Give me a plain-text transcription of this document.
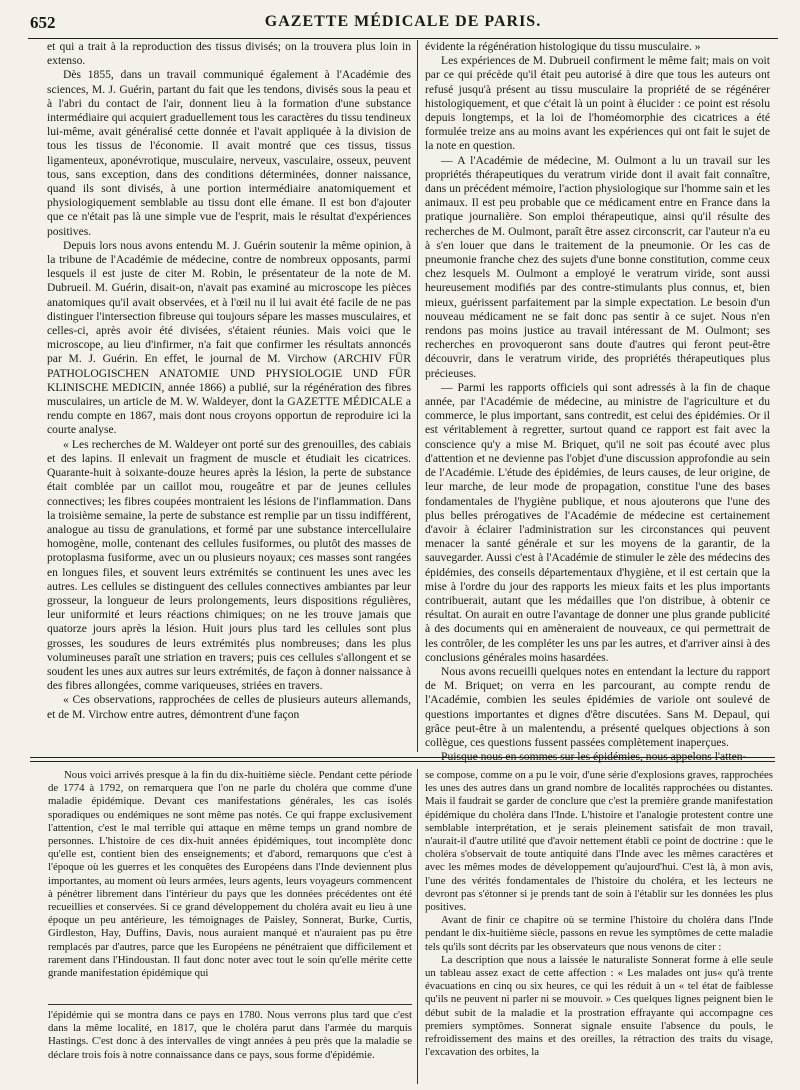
652	GAZETTE MÉDICALE DE PARIS.

et qui a trait à la reproduction des tissus divisés; on la trouvera plus loin in extenso.

Dès 1855, dans un travail communiqué également à l'Académie des sciences, M. J. Guérin, partant du fait que les tendons, divisés sous la peau et à l'abri du contact de l'air, donnent lieu à la formation d'une substance intermédiaire qui acquiert graduellement tous les caractères du tissu tendineux lui-même, avait généralisé cette donnée et l'avait appliquée à la division de tous les tissus de l'économie. Il avait montré que ces tissus, tissus ligamenteux, aponévrotique, musculaire, nerveux, vasculaire, osseux, peuvent tous, sans exception, dans des conditions déterminées, donner naissance, quand ils sont divisés, à une portion intermédiaire anatomiquement et physiologiquement semblable au tissu dont elle émane. Il est bon d'ajouter que ce n'était pas là une simple vue de l'esprit, mais le résultat d'expériences positives.

Depuis lors nous avons entendu M. J. Guérin soutenir la même opinion, à la tribune de l'Académie de médecine, contre de nombreux opposants, parmi lesquels il est juste de citer M. Robin, le présentateur de la note de M. Dubrueil. M. Guérin, disait-on, n'avait pas examiné au microscope les pièces anatomiques qu'il avait observées, et à l'œil nu il lui avait été facile de ne pas distinguer l'intersection fibreuse qui toujours sépare les masses musculaires, et celles-ci, après avoir été divisées, s'étaient réunies. Mais voici que le microscope, au lieu d'infirmer, n'a fait que confirmer les résultats annoncés par M. J. Guérin. En effet, le journal de M. Virchow (ARCHIV FÜR PATHOLOGISCHEN ANATOMIE UND PHYSIOLOGIE UND FÜR KLINISCHE MEDICIN, année 1866) a publié, sur la régénération des fibres musculaires, un article de M. W. Waldeyer, dont la GAZETTE MÉDICALE a rendu compte en 1867, mais dont nous croyons opportun de reproduire ici la courte analyse.

« Les recherches de M. Waldeyer ont porté sur des grenouilles, des cabiais et des lapins. Il enlevait un fragment de muscle et étudiait les cicatrices. Quarante-huit à soixante-douze heures après la lésion, la perte de substance était comblée par un caillot mou, rougeâtre et par de jeunes cellules connectives; les fibres coupées montraient les lésions de l'inflammation. Dans la troisième semaine, la perte de substance est remplie par un tissu indifférent, analogue au tissu de granulations, et formé par une substance intercellulaire homogène, molle, contenant des cellules fusiformes, ou plutôt des masses de protoplasma fusiforme, avec un ou plusieurs noyaux; ces masses sont rangées en longues files, et souvent leurs extrémités se continuent les unes avec les autres. Les cellules se distinguent des cellules connectives ambiantes par leur grosseur, la longueur de leurs prolongements, leurs dispositions régulières, leur uniformité et leurs réactions chimiques; on ne les trouve jamais que quatorze jours après la lésion. Huit jours plus tard les cellules sont plus grosses, les soudures de leurs extrémités plus nombreuses; dans les plus volumineuses paraît une striation en travers; puis ces cellules s'allongent et se soudent les unes aux autres sur leurs extrémités, de façon à donner naissance à des fibres allongées, comme variqueuses, striées en travers.

« Ces observations, rapprochées de celles de plusieurs auteurs allemands, et de M. Virchow entre autres, démontrent d'une façon

évidente la régénération histologique du tissu musculaire. »

Les expériences de M. Dubrueil confirment le même fait; mais on voit par ce qui précède qu'il était peu autorisé à dire que tous les auteurs ont refusé jusqu'à présent au tissu musculaire la propriété de se régénérer histologiquement, et que c'était là un point à élucider : ce point est résolu depuis longtemps, et la loi de l'homéomorphie des cicatrices a été formulée treize ans au moins avant les expériences qui ont fait le sujet de la note en question.

— A l'Académie de médecine, M. Oulmont a lu un travail sur les propriétés thérapeutiques du veratrum viride dont il avait fait connaître, dans un précédent mémoire, l'action physiologique sur l'homme sain et les animaux. Il est peu probable que ce médicament entre en France dans la pratique journalière. Son emploi thérapeutique, ainsi qu'il résulte des recherches de M. Oulmont, paraît être assez circonscrit, car l'auteur n'a eu à s'en louer que dans le traitement de la pneumonie. Or les cas de pneumonie franche chez des sujets d'une bonne constitution, comme ceux chez lesquels M. Oulmont a employé le veratrum viride, sont aussi heureusement modifiés par des contre-stimulants plus connus, et, bien mieux, guérissent parfaitement par la simple expectation. Le besoin d'un nouveau médicament ne se fait donc pas sentir à ce sujet. Nous n'en rendons pas moins justice au travail intéressant de M. Oulmont; ses recherches en provoqueront sans doute d'autres qui feront peut-être découvrir, dans le veratrum viride, des propriétés thérapeutiques plus précieuses.

— Parmi les rapports officiels qui sont adressés à la fin de chaque année, par l'Académie de médecine, au ministre de l'agriculture et du commerce, le plus important, sans contredit, est celui des épidémies. Or il est véritablement à regretter, surtout quand ce rapport est fait avec la conscience qu'y a mise M. Briquet, qu'il ne soit pas écouté avec plus d'attention et ne devienne pas l'objet d'une discussion approfondie au sein de l'Académie. L'étude des épidémies, de leurs causes, de leur origine, de leur marche, de leur mode de propagation, constitue l'une des bases fondamentales de l'hygiène publique, et nous ajouterons que l'une des plus belles prérogatives de l'Académie de médecine est certainement d'avoir à éclairer l'administration sur les circonstances qui peuvent menacer la santé générale et sur les moyens de la garantir, de la sauvegarder. Aussi c'est à l'Académie de stimuler le zèle des médecins des épidémies, des conseils départementaux d'hygiène, et il est certain que la mise à l'ordre du jour des rapports les mieux faits et les plus importants contribuerait, autant que les médailles que l'on distribue, à obtenir ce résultat. On aurait en outre l'avantage de donner une plus grande publicité à des documents qui en amèneraient de nouveaux, ce qui permettrait de les contrôler, de les compléter les uns par les autres, et d'arriver ainsi à des conclusions générales moins hasardées.

Nous avons recueilli quelques notes en entendant la lecture du rapport de M. Briquet; on verra en les parcourant, au compte rendu de l'Académie, combien les seules épidémies de variole ont soulevé de questions importantes et dignes d'être discutées. Sans M. Depaul, qui grâce peut-être à un malentendu, a présenté quelques objections à son collègue, ces questions fussent passées complètement inaperçues.

Puisque nous en sommes sur les épidémies, nous appelons l'atten-

Nous voici arrivés presque à la fin du dix-huitième siècle. Pendant cette période de 1774 à 1792, on remarquera que l'on ne parle du choléra que comme d'une maladie épidémique. Devant ces manifestations générales, les cas isolés sporadiques ou endémiques ne sont même pas notés. Ce qui frappe exclusivement l'attention, c'est le mal terrible qui attaque en même temps un grand nombre de personnes. L'histoire de ces dix-huit années épidémiques, tout incomplète donc qu'elle est, contient bien des enseignements; et d'abord, remarquons que c'est à l'époque où les guerres et les conquêtes des Européens dans l'Inde deviennent plus importantes, au moment où leurs armées, leurs agents, leurs voyageurs commencent à pénétrer librement dans l'intérieur du pays que les données précédentes ont été recueillies et conservées. Si ce grand développement du choléra avait eu lieu à une époque un peu antérieure, les témoignages de Paisley, Sonnerat, Burke, Curtis, Girdleston, Hay, Duffins, Davis, nous auraient manqué et n'auraient pas pu être remplacés par d'autres, parce que les Européens ne pénétraient que difficilement et rarement dans l'Hindoustan. Il faut donc noter avec tout le soin qu'elle mérite cette grande manifestation épidémique qui

l'épidémie qui se montra dans ce pays en 1780. Nous verrons plus tard que c'est dans la même localité, en 1817, que le choléra parut dans l'armée du marquis Hastings. C'est donc à des intervalles de vingt années à peu près que la maladie se déclare trois fois à notre connaissance dans ce pays, sous forme d'épidémie.

se compose, comme on a pu le voir, d'une série d'explosions graves, rapprochées les unes des autres dans un grand nombre de localités rapprochées ou distantes. Mais il faudrait se garder de conclure que c'est la première grande manifestation épidémique du choléra dans l'Inde. L'histoire et l'analogie protestent contre une semblable interprétation, et je serais pleinement satisfait de mon travail, n'aurait-il d'autre utilité que d'avoir nettement établi ce point de doctrine : que le choléra s'observait de toute antiquité dans l'Inde avec les mêmes caractères et avec les mêmes modes de développement qu'aujourd'hui. C'est là, à mon avis, l'une des vérités fondamentales de l'histoire du choléra, et les lecteurs ne devront pas s'étonner si je prends tant de soin à l'établir sur les données les plus positives.

Avant de finir ce chapitre où se termine l'histoire du choléra dans l'Inde pendant le dix-huitième siècle, passons en revue les symptômes de cette maladie tels qu'ils sont décrits par les observateurs que nous venons de citer :

La description que nous a laissée le naturaliste Sonnerat forme à elle seule un tableau assez exact de cette affection : « Les malades ont jus« qu'à trente évacuations en cinq ou six heures, ce qui les réduit à un « tel état de faiblesse qu'ils ne peuvent ni parler ni se mouvoir. » Ces quelques lignes peignent bien le début subit de la maladie et la prostration effrayante qui accompagne ces premiers symptômes. Sonnerat signale ensuite l'absence du pouls, le refroidissement des mains et des oreilles, la rétraction des traits du visage, l'excavation des orbites, la
